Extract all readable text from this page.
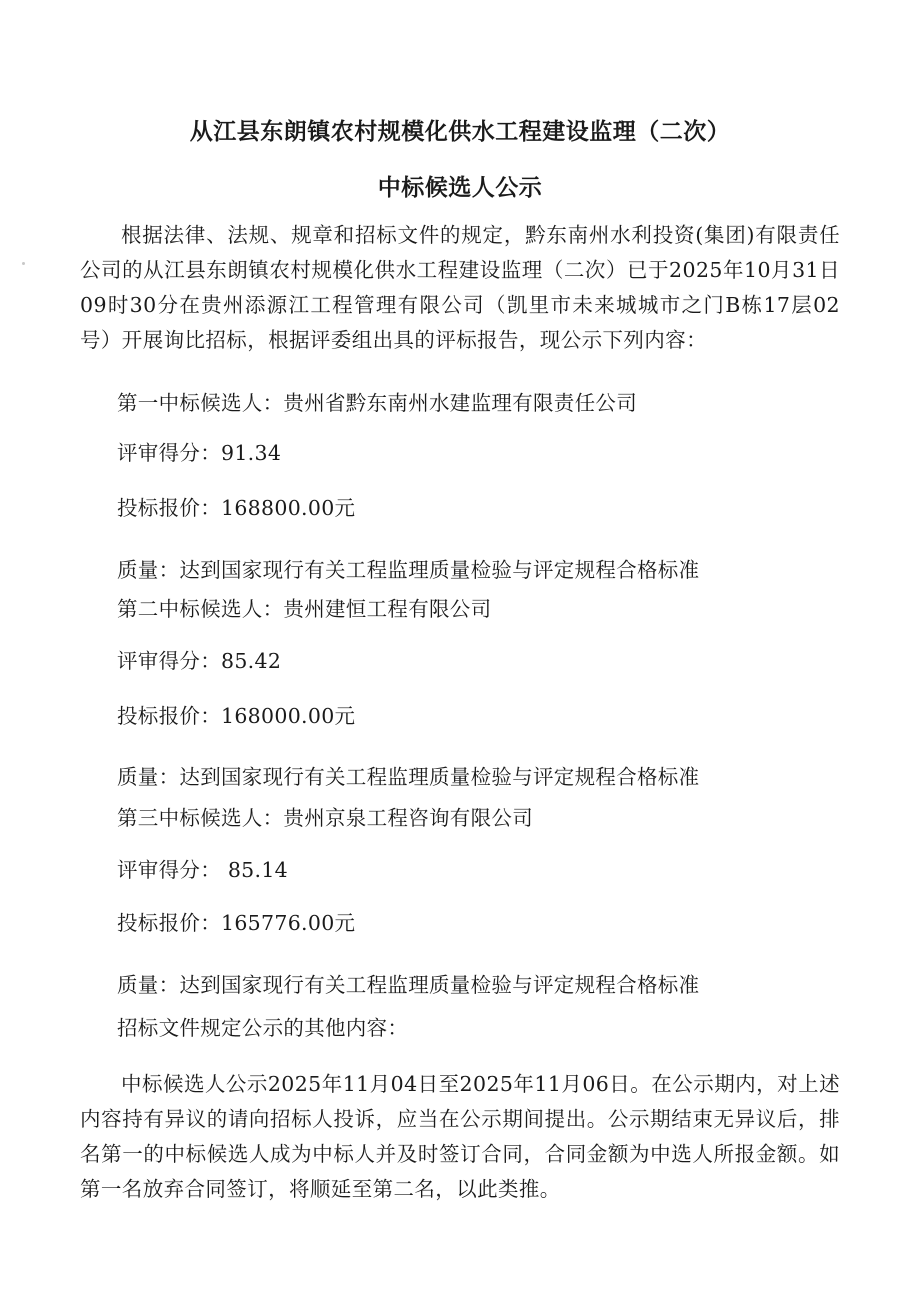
从江县东朗镇农村规模化供水工程建设监理（二次）
中标候选人公示
根据法律、法规、规章和招标文件的规定，黔东南州水利投资(集团)有限责任公司的从江县东朗镇农村规模化供水工程建设监理（二次）已于2025年10月31日09时30分在贵州添源江工程管理有限公司（凯里市未来城城市之门B栋17层02号）开展询比招标，根据评委组出具的评标报告，现公示下列内容：
第一中标候选人：贵州省黔东南州水建监理有限责任公司
评审得分：91.34
投标报价：168800.00元
质量：达到国家现行有关工程监理质量检验与评定规程合格标准
第二中标候选人：贵州建恒工程有限公司
评审得分：85.42
投标报价：168000.00元
质量：达到国家现行有关工程监理质量检验与评定规程合格标准
第三中标候选人：贵州京泉工程咨询有限公司
评审得分： 85.14
投标报价：165776.00元
质量：达到国家现行有关工程监理质量检验与评定规程合格标准
招标文件规定公示的其他内容：
中标候选人公示2025年11月04日至2025年11月06日。在公示期内，对上述内容持有异议的请向招标人投诉，应当在公示期间提出。公示期结束无异议后，排名第一的中标候选人成为中标人并及时签订合同，合同金额为中选人所报金额。如第一名放弃合同签订，将顺延至第二名，以此类推。
